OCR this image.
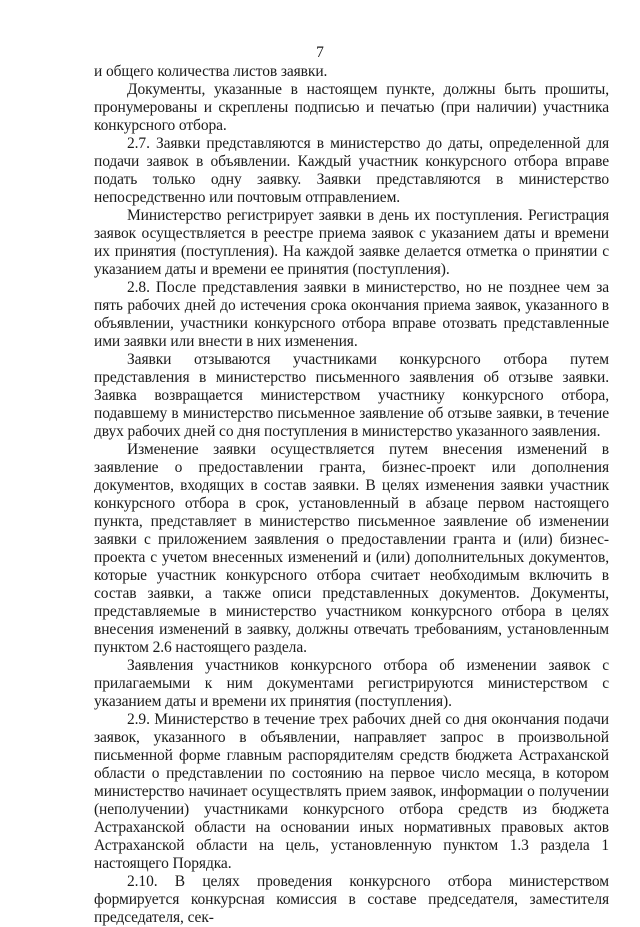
7

и общего количества листов заявки.

Документы, указанные в настоящем пункте, должны быть прошиты, пронумерованы и скреплены подписью и печатью (при наличии) участника конкурсного отбора.

2.7. Заявки представляются в министерство до даты, определенной для подачи заявок в объявлении. Каждый участник конкурсного отбора вправе подать только одну заявку. Заявки представляются в министерство непосредственно или почтовым отправлением.

Министерство регистрирует заявки в день их поступления. Регистрация заявок осуществляется в реестре приема заявок с указанием даты и времени их принятия (поступления). На каждой заявке делается отметка о принятии с указанием даты и времени ее принятия (поступления).

2.8. После представления заявки в министерство, но не позднее чем за пять рабочих дней до истечения срока окончания приема заявок, указанного в объявлении, участники конкурсного отбора вправе отозвать представленные ими заявки или внести в них изменения.

Заявки отзываются участниками конкурсного отбора путем представления в министерство письменного заявления об отзыве заявки. Заявка возвращается министерством участнику конкурсного отбора, подавшему в министерство письменное заявление об отзыве заявки, в течение двух рабочих дней со дня поступления в министерство указанного заявления.

Изменение заявки осуществляется путем внесения изменений в заявление о предоставлении гранта, бизнес-проект или дополнения документов, входящих в состав заявки. В целях изменения заявки участник конкурсного отбора в срок, установленный в абзаце первом настоящего пункта, представляет в министерство письменное заявление об изменении заявки с приложением заявления о предоставлении гранта и (или) бизнес-проекта с учетом внесенных изменений и (или) дополнительных документов, которые участник конкурсного отбора считает необходимым включить в состав заявки, а также описи представленных документов. Документы, представляемые в министерство участником конкурсного отбора в целях внесения изменений в заявку, должны отвечать требованиям, установленным пунктом 2.6 настоящего раздела.

Заявления участников конкурсного отбора об изменении заявок с прилагаемыми к ним документами регистрируются министерством с указанием даты и времени их принятия (поступления).

2.9. Министерство в течение трех рабочих дней со дня окончания подачи заявок, указанного в объявлении, направляет запрос в произвольной письменной форме главным распорядителям средств бюджета Астраханской области о представлении по состоянию на первое число месяца, в котором министерство начинает осуществлять прием заявок, информации о получении (неполучении) участниками конкурсного отбора средств из бюджета Астраханской области на основании иных нормативных правовых актов Астраханской области на цель, установленную пунктом 1.3 раздела 1 настоящего Порядка.

2.10. В целях проведения конкурсного отбора министерством формируется конкурсная комиссия в составе председателя, заместителя председателя, сек-
